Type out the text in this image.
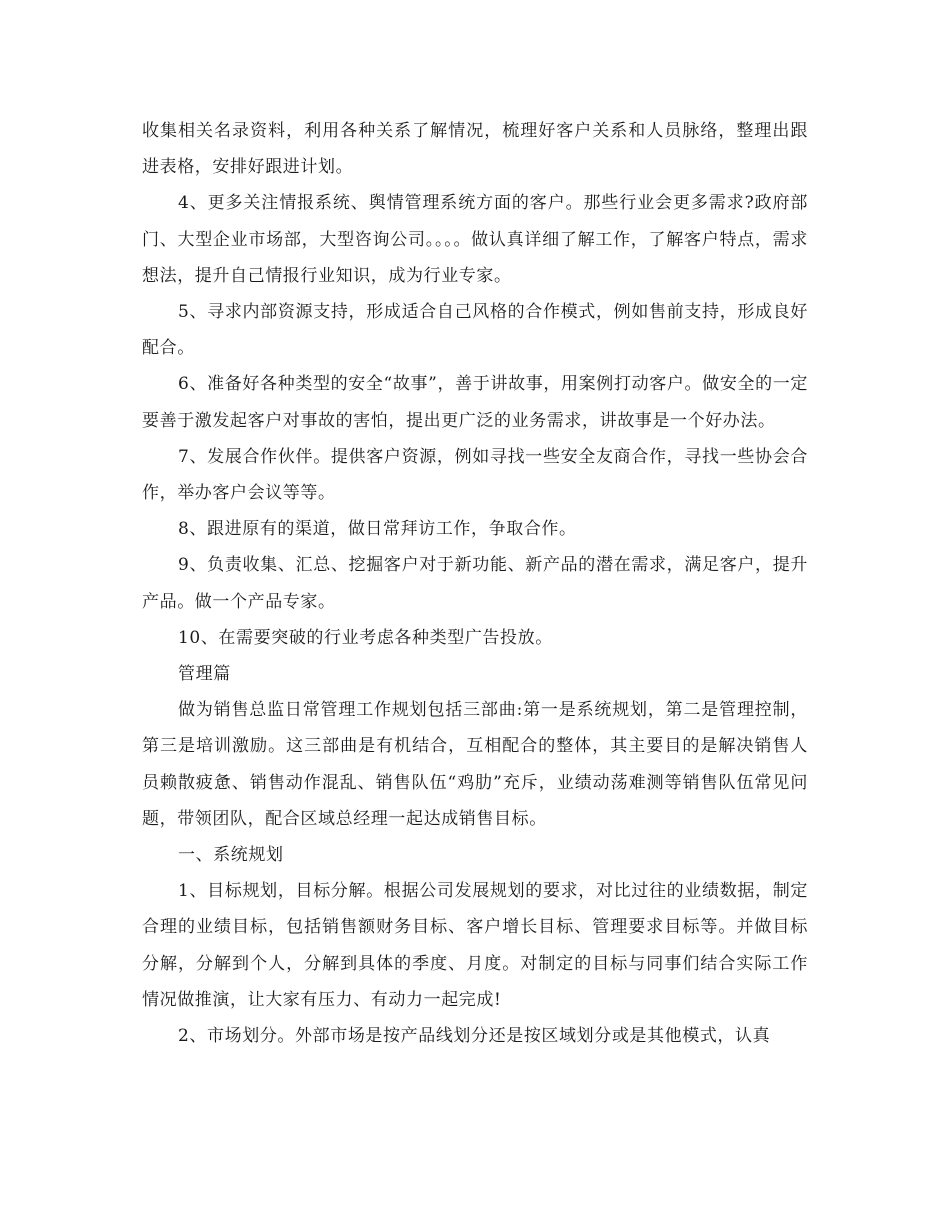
收集相关名录资料，利用各种关系了解情况，梳理好客户关系和人员脉络，整理出跟进表格，安排好跟进计划。

4、更多关注情报系统、舆情管理系统方面的客户。那些行业会更多需求?政府部门、大型企业市场部，大型咨询公司。。。。做认真详细了解工作，了解客户特点，需求想法，提升自己情报行业知识，成为行业专家。

5、寻求内部资源支持，形成适合自己风格的合作模式，例如售前支持，形成良好配合。

6、准备好各种类型的安全“故事”，善于讲故事，用案例打动客户。做安全的一定要善于激发起客户对事故的害怕，提出更广泛的业务需求，讲故事是一个好办法。

7、发展合作伙伴。提供客户资源，例如寻找一些安全友商合作，寻找一些协会合作，举办客户会议等等。

8、跟进原有的渠道，做日常拜访工作，争取合作。

9、负责收集、汇总、挖掘客户对于新功能、新产品的潜在需求，满足客户，提升产品。做一个产品专家。

10、在需要突破的行业考虑各种类型广告投放。

管理篇

做为销售总监日常管理工作规划包括三部曲:第一是系统规划，第二是管理控制，第三是培训激励。这三部曲是有机结合，互相配合的整体，其主要目的是解决销售人员赖散疲惫、销售动作混乱、销售队伍“鸡肋”充斥，业绩动荡难测等销售队伍常见问题，带领团队，配合区域总经理一起达成销售目标。

一、系统规划

1、目标规划，目标分解。根据公司发展规划的要求，对比过往的业绩数据，制定合理的业绩目标，包括销售额财务目标、客户增长目标、管理要求目标等。并做目标分解，分解到个人，分解到具体的季度、月度。对制定的目标与同事们结合实际工作情况做推演，让大家有压力、有动力一起完成!

2、市场划分。外部市场是按产品线划分还是按区域划分或是其他模式，认真
